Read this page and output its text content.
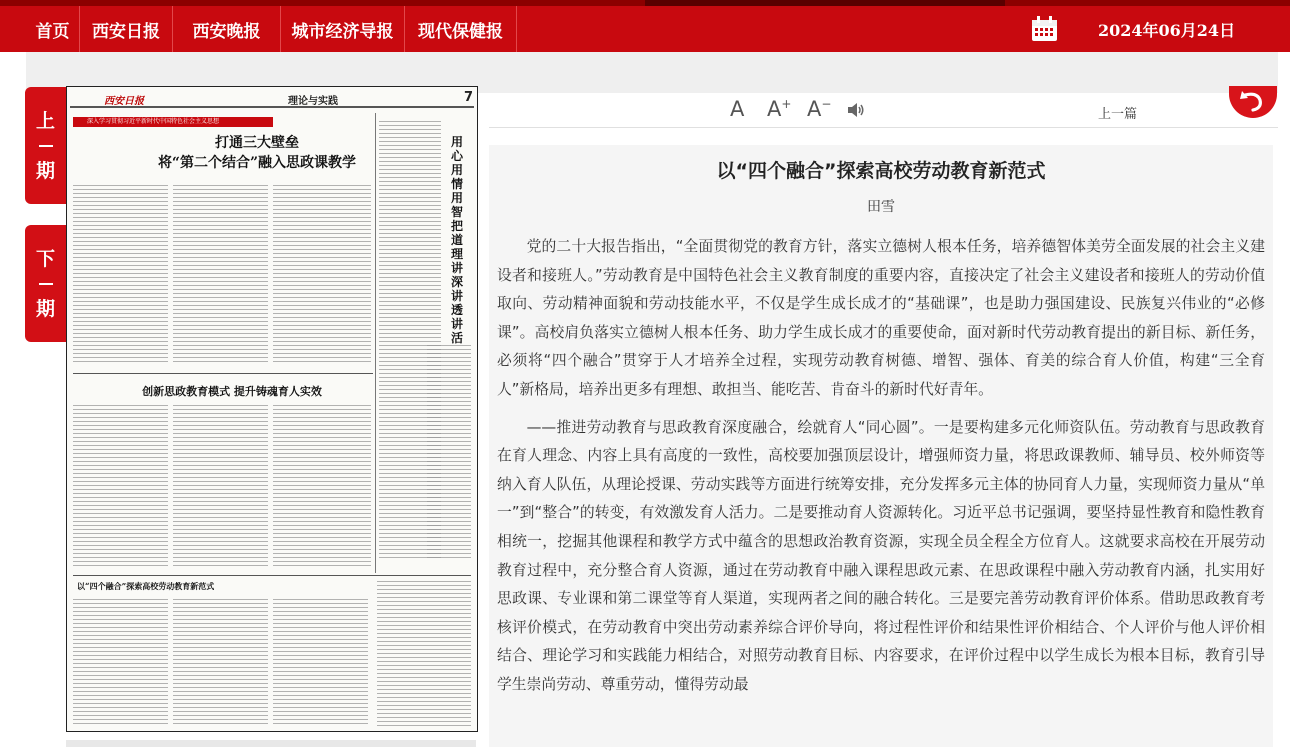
首页	西安日报	西安晚报	城市经济导报	现代保健报	2024年06月24日
上
期
下
期
西安日报	理论与实践	7
深入学习贯彻习近平新时代中国特色社会主义思想
打通三大壁垒
将“第二个结合”融入思政课教学
用心用情用智把道理讲深讲透讲活
创新思政教育模式 提升铸魂育人实效
以“四个融合”探索高校劳动教育新范式
A A+ A−
上一篇
以“四个融合”探索高校劳动教育新范式
田雪

党的二十大报告指出，“全面贯彻党的教育方针，落实立德树人根本任务，培养德智体美劳全面发展的社会主义建设者和接班人。”劳动教育是中国特色社会主义教育制度的重要内容，直接决定了社会主义建设者和接班人的劳动价值取向、劳动精神面貌和劳动技能水平，不仅是学生成长成才的“基础课”，也是助力强国建设、民族复兴伟业的“必修课”。高校肩负落实立德树人根本任务、助力学生成长成才的重要使命，面对新时代劳动教育提出的新目标、新任务，必须将“四个融合”贯穿于人才培养全过程，实现劳动教育树德、增智、强体、育美的综合育人价值，构建“三全育人”新格局，培养出更多有理想、敢担当、能吃苦、肯奋斗的新时代好青年。

——推进劳动教育与思政教育深度融合，绘就育人“同心圆”。一是要构建多元化师资队伍。劳动教育与思政教育在育人理念、内容上具有高度的一致性，高校要加强顶层设计，增强师资力量，将思政课教师、辅导员、校外师资等纳入育人队伍，从理论授课、劳动实践等方面进行统筹安排，充分发挥多元主体的协同育人力量，实现师资力量从“单一”到“整合”的转变，有效激发育人活力。二是要推动育人资源转化。习近平总书记强调，要坚持显性教育和隐性教育相统一，挖掘其他课程和教学方式中蕴含的思想政治教育资源，实现全员全程全方位育人。这就要求高校在开展劳动教育过程中，充分整合育人资源，通过在劳动教育中融入课程思政元素、在思政课程中融入劳动教育内涵，扎实用好思政课、专业课和第二课堂等育人渠道，实现两者之间的融合转化。三是要完善劳动教育评价体系。借助思政教育考核评价模式，在劳动教育中突出劳动素养综合评价导向，将过程性评价和结果性评价相结合、个人评价与他人评价相结合、理论学习和实践能力相结合，对照劳动教育目标、内容要求，在评价过程中以学生成长为根本目标，教育引导学生崇尚劳动、尊重劳动，懂得劳动最
